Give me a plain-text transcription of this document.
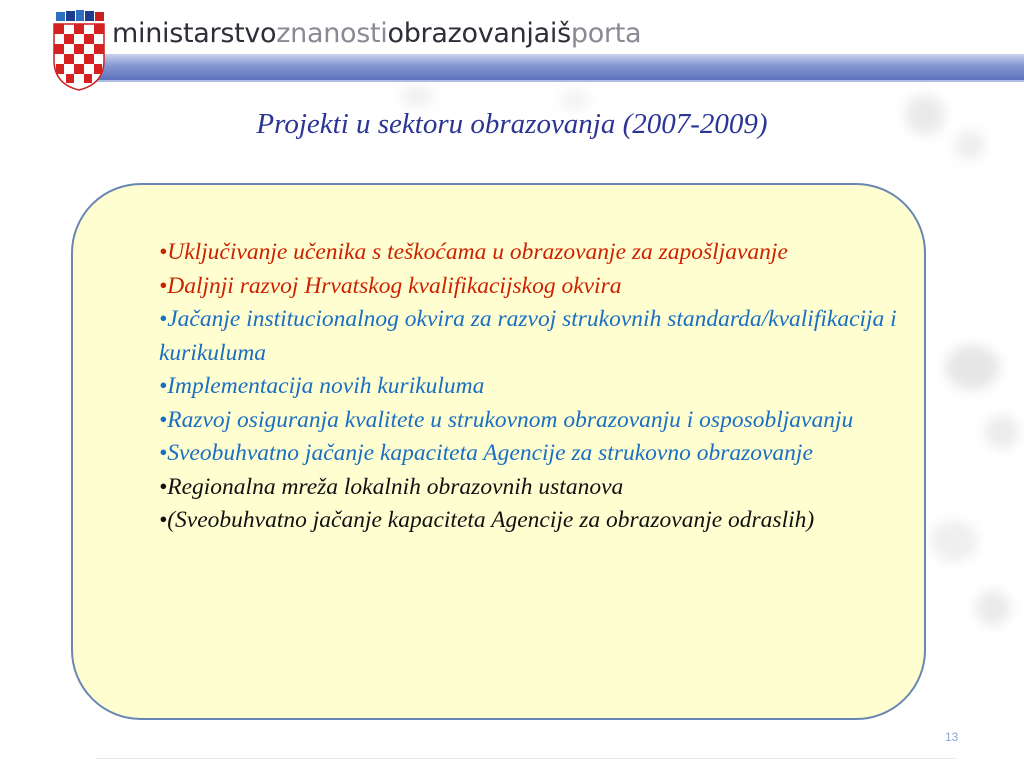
ministarstvoznanostiobrazovanjaišporta
Projekti u sektoru obrazovanja (2007-2009)
•Uključivanje učenika s teškoćama u obrazovanje za zapošljavanje
•Daljnji razvoj Hrvatskog kvalifikacijskog okvira
•Jačanje institucionalnog okvira za razvoj strukovnih standarda/kvalifikacija i kurikuluma
•Implementacija novih kurikuluma
•Razvoj osiguranja kvalitete u strukovnom obrazovanju i osposobljavanju
•Sveobuhvatno jačanje kapaciteta Agencije za strukovno obrazovanje
•Regionalna mreža lokalnih obrazovnih ustanova
•(Sveobuhvatno jačanje kapaciteta Agencije za obrazovanje odraslih)
13
